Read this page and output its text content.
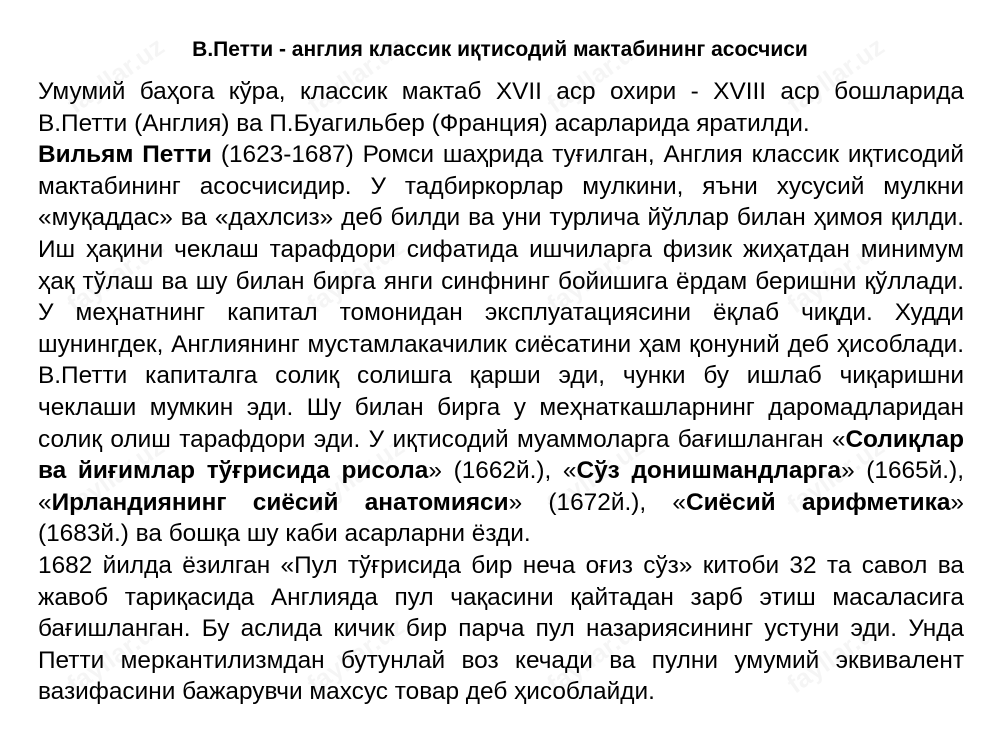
В.Петти - англия классик иқтисодий мактабининг асосчиси

Умумий баҳога кўра, классик мактаб XVII аср охири - XVIII аср бошларида В.Петти (Англия) ва П.Буагильбер (Франция) асарларида яратилди.

Вильям Петти (1623-1687) Ромси шаҳрида туғилган, Англия классик иқтисодий мактабининг асосчисидир. У тадбиркорлар мулкини, яъни хусусий мулкни «муқаддас» ва «дахлсиз» деб билди ва уни турлича йўллар билан ҳимоя қилди. Иш ҳақини чеклаш тарафдори сифатида ишчиларга физик жиҳатдан минимум ҳақ тўлаш ва шу билан бирга янги синфнинг бойишига ёрдам беришни қўллади. У меҳнатнинг капитал томонидан эксплуатациясини ёқлаб чиқди. Худди шунингдек, Англиянинг мустамлакачилик сиёсатини ҳам қонуний деб ҳисоблади. В.Петти капиталга солиқ солишга қарши эди, чунки бу ишлаб чиқаришни чеклаши мумкин эди. Шу билан бирга у меҳнаткашларнинг даромадларидан солиқ олиш тарафдори эди. У иқтисодий муаммоларга бағишланган «Солиқлар ва йиғимлар тўғрисида рисола» (1662й.), «Сўз донишмандларга» (1665й.), «Ирландиянинг сиёсий анатомияси» (1672й.), «Сиёсий арифметика» (1683й.) ва бошқа шу каби асарларни ёзди.

1682 йилда ёзилган «Пул тўғрисида бир неча оғиз сўз» китоби 32 та савол ва жавоб тариқасида Англияда пул чақасини қайтадан зарб этиш масаласига бағишланган. Бу аслида кичик бир парча пул назариясининг устуни эди. Унда Петти меркантилизмдан бутунлай воз кечади ва пулни умумий эквивалент вазифасини бажарувчи махсус товар деб ҳисоблайди.
